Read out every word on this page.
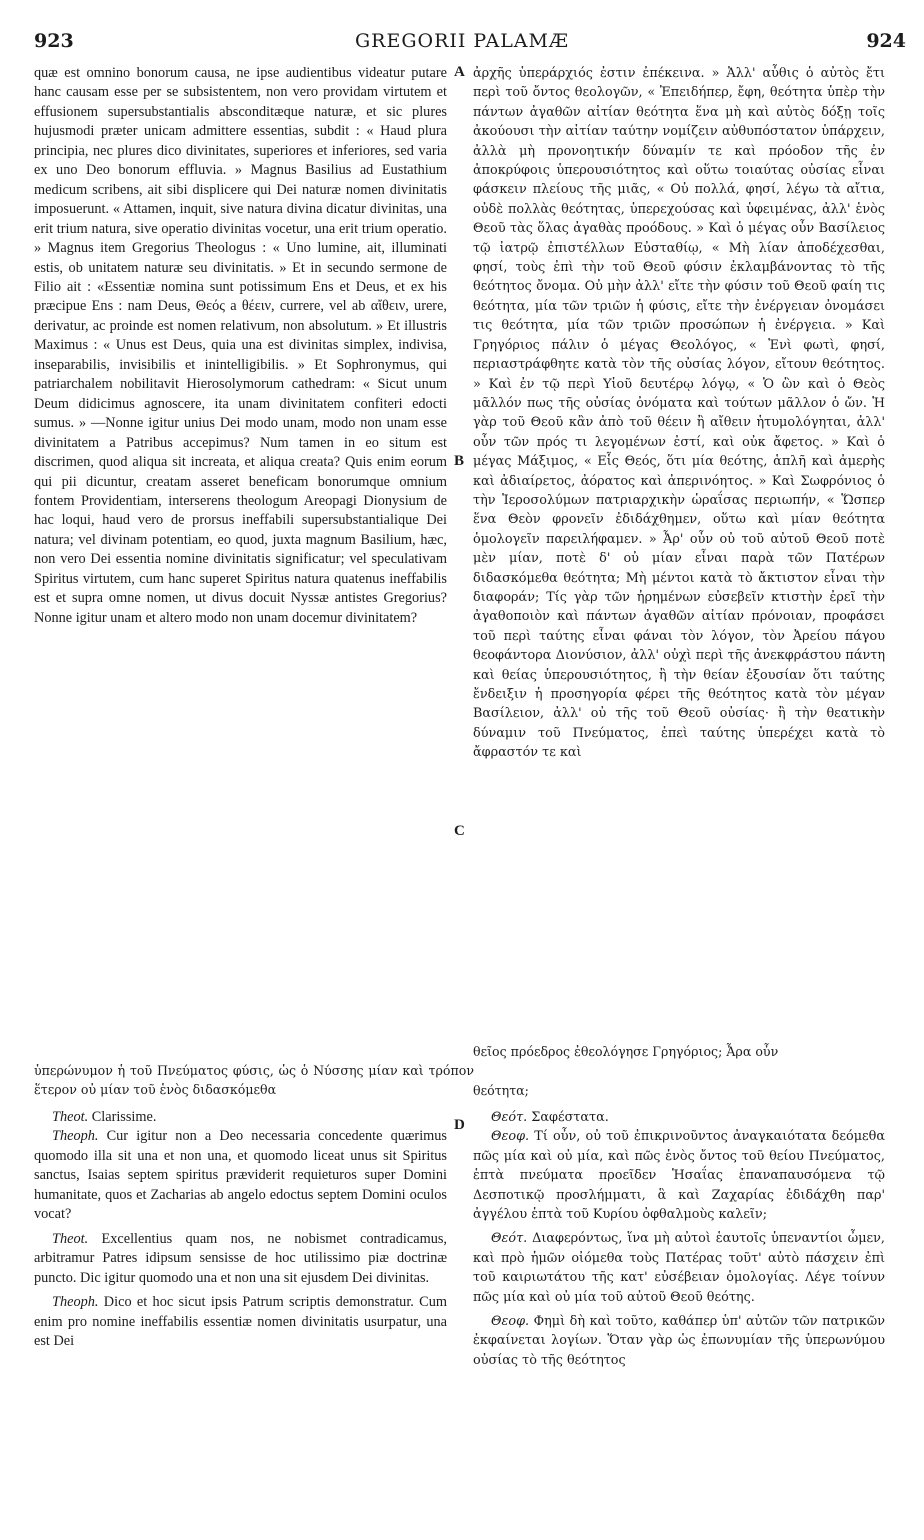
923	GREGORII PALAMÆ	924
A
B
C
D

quæ est omnino bonorum causa, ne ipse audientibus videatur putare hanc causam esse per se subsistentem, non vero providam virtutem et effusionem supersubstantialis absconditæque naturæ, et sic plures hujusmodi præter unicam admittere essentias, subdit : « Haud plura principia, nec plures dico divinitates, superiores et inferiores, sed varia ex uno Deo bonorum effluvia. » Magnus Basilius ad Eustathium medicum scribens, ait sibi displicere qui Dei naturæ nomen divinitatis imposuerunt. « Attamen, inquit, sive natura divina dicatur divinitas, una erit trium natura, sive operatio divinitas vocetur, una erit trium operatio. » Magnus item Gregorius Theologus : « Uno lumine, ait, illuminati estis, ob unitatem naturæ seu divinitatis. » Et in secundo sermone de Filio ait : «Essentiæ nomina sunt potissimum Ens et Deus, et ex his præcipue Ens : nam Deus, Θεός a θέειν, currere, vel ab αἴθειν, urere, derivatur, ac proinde est nomen relativum, non absolutum. » Et illustris Maximus : « Unus est Deus, quia una est divinitas simplex, indivisa, inseparabilis, invisibilis et inintelligibilis. » Et Sophronymus, qui patriarchalem nobilitavit Hierosolymorum cathedram: « Sicut unum Deum didicimus agnoscere, ita unam divinitatem confiteri edocti sumus. » —Nonne igitur unius Dei modo unam, modo non unam esse divinitatem a Patribus accepimus? Num tamen in eo situm est discrimen, quod aliqua sit increata, et aliqua creata? Quis enim eorum qui pii dicuntur, creatam asseret beneficam bonorumque omnium fontem Providentiam, interserens theologum Areopagi Dionysium de hac loqui, haud vero de prorsus ineffabili supersubstantialique Dei natura; vel divinam potentiam, eo quod, juxta magnum Basilium, hæc, non vero Dei essentia nomine divinitatis significatur; vel speculativam Spiritus virtutem, cum hanc superet Spiritus natura quatenus ineffabilis est et supra omne nomen, ut divus docuit Nyssæ antistes Gregorius? Nonne igitur unam et altero modo non unam docemur divinitatem?

ἀρχῆς ὑπεράρχιός ἐστιν ἐπέκεινα. » Ἀλλ' αὖθις ὁ αὐτὸς ἔτι περὶ τοῦ ὄντος θεολογῶν, « Ἐπειδήπερ, ἔφη, θεότητα ὑπὲρ τὴν πάντων ἀγαθῶν αἰτίαν θεότητα ἕνα μὴ καὶ αὐτὸς δόξῃ τοῖς ἀκούουσι τὴν αἰτίαν ταύτην νομίζειν αὐθυπόστατον ὑπάρχειν, ἀλλὰ μὴ προνοητικήν δύναμίν τε καὶ πρόοδον τῆς ἐν ἀποκρύφοις ὑπερουσιότητος καὶ οὕτω τοιαύτας οὐσίας εἶναι φάσκειν πλείους τῆς μιᾶς, « Οὐ πολλά, φησί, λέγω τὰ αἴτια, οὐδὲ πολλὰς θεότητας, ὑπερεχούσας καὶ ὑφειμένας, ἀλλ' ἑνὸς Θεοῦ τὰς ὅλας ἀγαθὰς προόδους. » Καὶ ὁ μέγας οὖν Βασίλειος τῷ ἰατρῷ ἐπιστέλλων Εὐσταθίῳ, « Μὴ λίαν ἀποδέχεσθαι, φησί, τοὺς ἐπὶ τὴν τοῦ Θεοῦ φύσιν ἐκλαμβάνοντας τὸ τῆς θεότητος ὄνομα. Οὐ μὴν ἀλλ' εἴτε τὴν φύσιν τοῦ Θεοῦ φαίη τις θεότητα, μία τῶν τριῶν ἡ φύσις, εἴτε τὴν ἐνέργειαν ὀνομάσει τις θεότητα, μία τῶν τριῶν προσώπων ἡ ἐνέργεια. » Καὶ Γρηγόριος πάλιν ὁ μέγας Θεολόγος, « Ἑνὶ φωτὶ, φησί, περιαστράφθητε κατὰ τὸν τῆς οὐσίας λόγον, εἴτουν θεότητος. » Καὶ ἐν τῷ περὶ Υἱοῦ δευτέρῳ λόγῳ, « Ὁ ὢν καὶ ὁ Θεὸς μᾶλλόν πως τῆς οὐσίας ὀνόματα καὶ τούτων μᾶλλον ὁ ὤν. Ἡ γὰρ τοῦ Θεοῦ κἂν ἀπὸ τοῦ θέειν ἢ αἴθειν ἡτυμολόγηται, ἀλλ' οὖν τῶν πρός τι λεγομένων ἐστί, καὶ οὐκ ἄφετος. » Καὶ ὁ μέγας Μάξιμος, « Εἷς Θεός, ὅτι μία θεότης, ἁπλῆ καὶ ἀμερὴς καὶ ἀδιαίρετος, ἀόρατος καὶ ἀπερινόητος. » Καὶ Σωφρόνιος ὁ τὴν Ἱεροσολύμων πατριαρχικὴν ὡραΐσας περιωπήν, « Ὥσπερ ἕνα Θεὸν φρονεῖν ἐδιδάχθημεν, οὕτω καὶ μίαν θεότητα ὁμολογεῖν παρειλήφαμεν. » Ἆρ' οὖν οὐ τοῦ αὐτοῦ Θεοῦ ποτὲ μὲν μίαν, ποτὲ δ' οὐ μίαν εἶναι παρὰ τῶν Πατέρων διδασκόμεθα θεότητα; Μὴ μέντοι κατὰ τὸ ἄκτιστον εἶναι τὴν διαφοράν; Τίς γὰρ τῶν ἠρημένων εὐσεβεῖν κτιστὴν ἐρεῖ τὴν ἀγαθοποιὸν καὶ πάντων ἀγαθῶν αἰτίαν πρόνοιαν, προφάσει τοῦ περὶ ταύτης εἶναι φάναι τὸν λόγον, τὸν Ἀρείου πάγου θεοφάντορα Διονύσιον, ἀλλ' οὐχὶ περὶ τῆς ἀνεκφράστου πάντη καὶ θείας ὑπερουσιότητος, ἢ τὴν θείαν ἐξουσίαν ὅτι ταύτης ἔνδειξιν ἡ προσηγορία φέρει τῆς θεότητος κατὰ τὸν μέγαν Βασίλειον, ἀλλ' οὐ τῆς τοῦ Θεοῦ οὐσίας· ἢ τὴν θεατικὴν δύναμιν τοῦ Πνεύματος, ἐπεὶ ταύτης ὑπερέχει κατὰ τὸ ἄφραστόν τε καὶ

ὑπερώνυμον ἡ τοῦ Πνεύματος φύσις, ὡς ὁ Νύσσης μίαν καὶ τρόπον ἕτερον οὐ μίαν τοῦ ἑνὸς διδασκόμεθα
θεῖος πρόεδρος ἐθεολόγησε Γρηγόριος; Ἆρα οὖν
θεότητα;

Theot. Clarissime.

Theoph. Cur igitur non a Deo necessaria concedente quærimus quomodo illa sit una et non una, et quomodo liceat unus sit Spiritus sanctus, Isaias septem spiritus præviderit requieturos super Domini humanitate, quos et Zacharias ab angelo edoctus septem Domini oculos vocat?

Theot. Excellentius quam nos, ne nobismet contradicamus, arbitramur Patres idipsum sensisse de hoc utilissimo piæ doctrinæ puncto. Dic igitur quomodo una et non una sit ejusdem Dei divinitas.

Theoph. Dico et hoc sicut ipsis Patrum scriptis demonstratur. Cum enim pro nomine ineffabilis essentiæ nomen divinitatis usurpatur, una est Dei

Θεότ. Σαφέστατα.

Θεοφ. Τί οὖν, οὐ τοῦ ἐπικρινοῦντος ἀναγκαιότατα δεόμεθα πῶς μία καὶ οὐ μία, καὶ πῶς ἑνὸς ὄντος τοῦ θείου Πνεύματος, ἑπτὰ πνεύματα προεῖδεν Ἡσαΐας ἐπαναπαυσόμενα τῷ Δεσποτικῷ προσλήμματι, ἃ καὶ Ζαχαρίας ἐδιδάχθη παρ' ἀγγέλου ἑπτὰ τοῦ Κυρίου ὀφθαλμοὺς καλεῖν;

Θεότ. Διαφερόντως, ἵνα μὴ αὐτοὶ ἑαυτοῖς ὑπεναντίοι ὦμεν, καὶ πρὸ ἡμῶν οἰόμεθα τοὺς Πατέρας τοῦτ' αὐτὸ πάσχειν ἐπὶ τοῦ καιριωτάτου τῆς κατ' εὐσέβειαν ὁμολογίας. Λέγε τοίνυν πῶς μία καὶ οὐ μία τοῦ αὐτοῦ Θεοῦ θεότης.

Θεοφ. Φημὶ δὴ καὶ τοῦτο, καθάπερ ὑπ' αὐτῶν τῶν πατρικῶν ἐκφαίνεται λογίων. Ὅταν γὰρ ὡς ἐπωνυμίαν τῆς ὑπερωνύμου οὐσίας τὸ τῆς θεότητος
